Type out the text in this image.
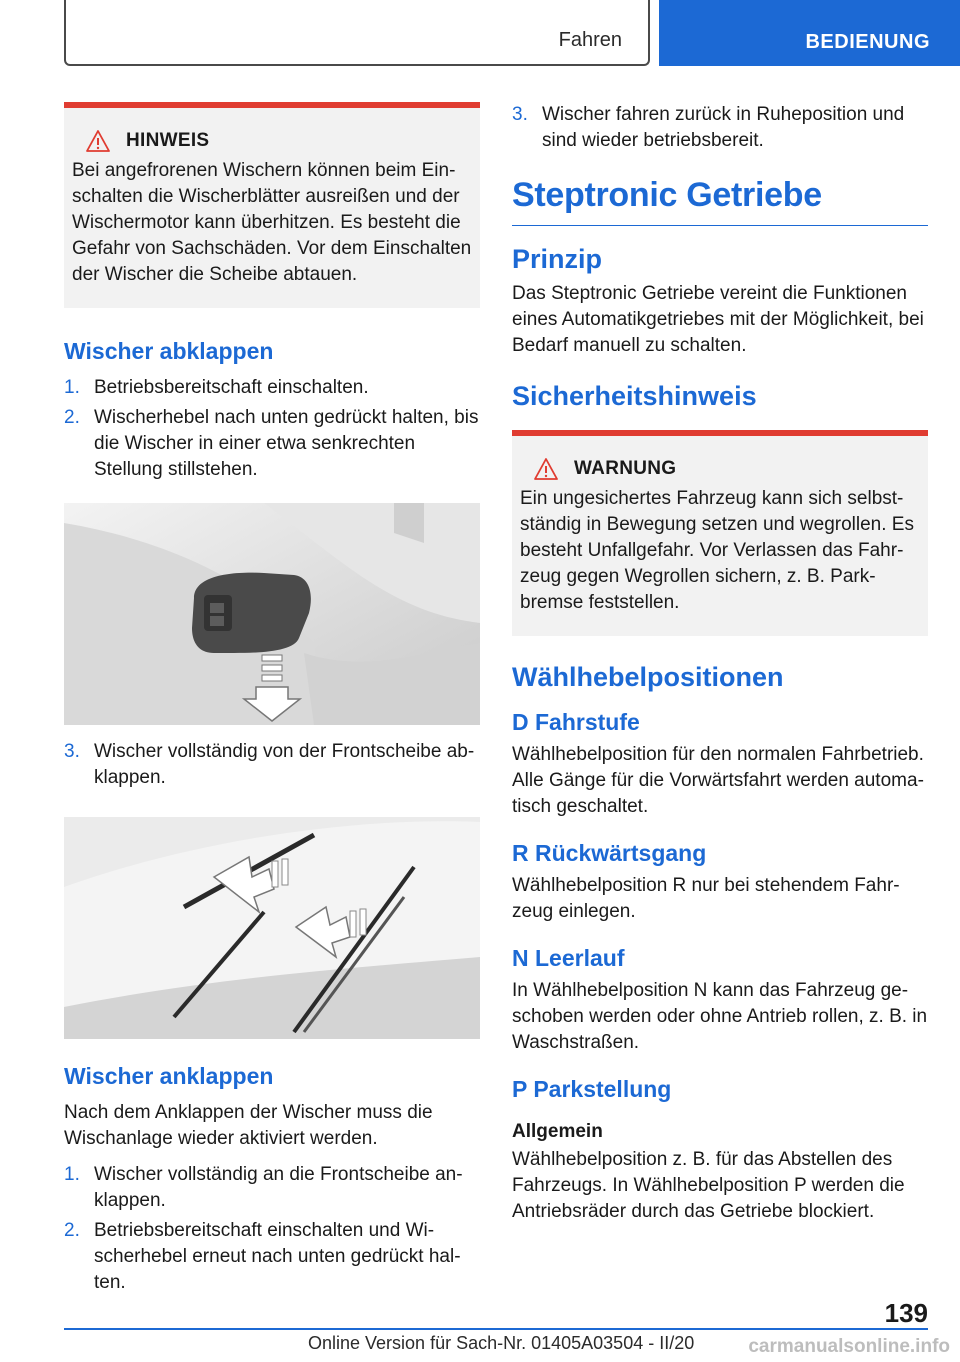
Fahren	BEDIENUNG
HINWEIS

Bei angefrorenen Wischern können beim Einschalten die Wischerblätter ausreißen und der Wischermotor kann überhitzen. Es besteht die Gefahr von Sachschäden. Vor dem Einschalten der Wischer die Scheibe abtauen.

Wischer abklappen
1. Betriebsbereitschaft einschalten.
2. Wischerhebel nach unten gedrückt halten, bis die Wischer in einer etwa senkrechten Stellung stillstehen.
3. Wischer vollständig von der Frontscheibe abklappen.
Wischer anklappen

Nach dem Anklappen der Wischer muss die Wischanlage wieder aktiviert werden.

1. Wischer vollständig an die Frontscheibe anklappen.
2. Betriebsbereitschaft einschalten und Wischerhebel erneut nach unten gedrückt halten.
3. Wischer fahren zurück in Ruheposition und sind wieder betriebsbereit.
Steptronic Getriebe
Prinzip

Das Steptronic Getriebe vereint die Funktionen eines Automatikgetriebes mit der Möglichkeit, bei Bedarf manuell zu schalten.

Sicherheitshinweis
WARNUNG

Ein ungesichertes Fahrzeug kann sich selbstständig in Bewegung setzen und wegrollen. Es besteht Unfallgefahr. Vor Verlassen das Fahrzeug gegen Wegrollen sichern, z. B. Parkbremse feststellen.

Wählhebelpositionen
D Fahrstufe

Wählhebelposition für den normalen Fahrbetrieb. Alle Gänge für die Vorwärtsfahrt werden automatisch geschaltet.

R Rückwärtsgang

Wählhebelposition R nur bei stehendem Fahrzeug einlegen.

N Leerlauf

In Wählhebelposition N kann das Fahrzeug geschoben werden oder ohne Antrieb rollen, z. B. in Waschstraßen.

P Parkstellung
Allgemein

Wählhebelposition z. B. für das Abstellen des Fahrzeugs. In Wählhebelposition P werden die Antriebsräder durch das Getriebe blockiert.

139
Online Version für Sach-Nr. 01405A03504 - II/20	carmanualsonline.info
